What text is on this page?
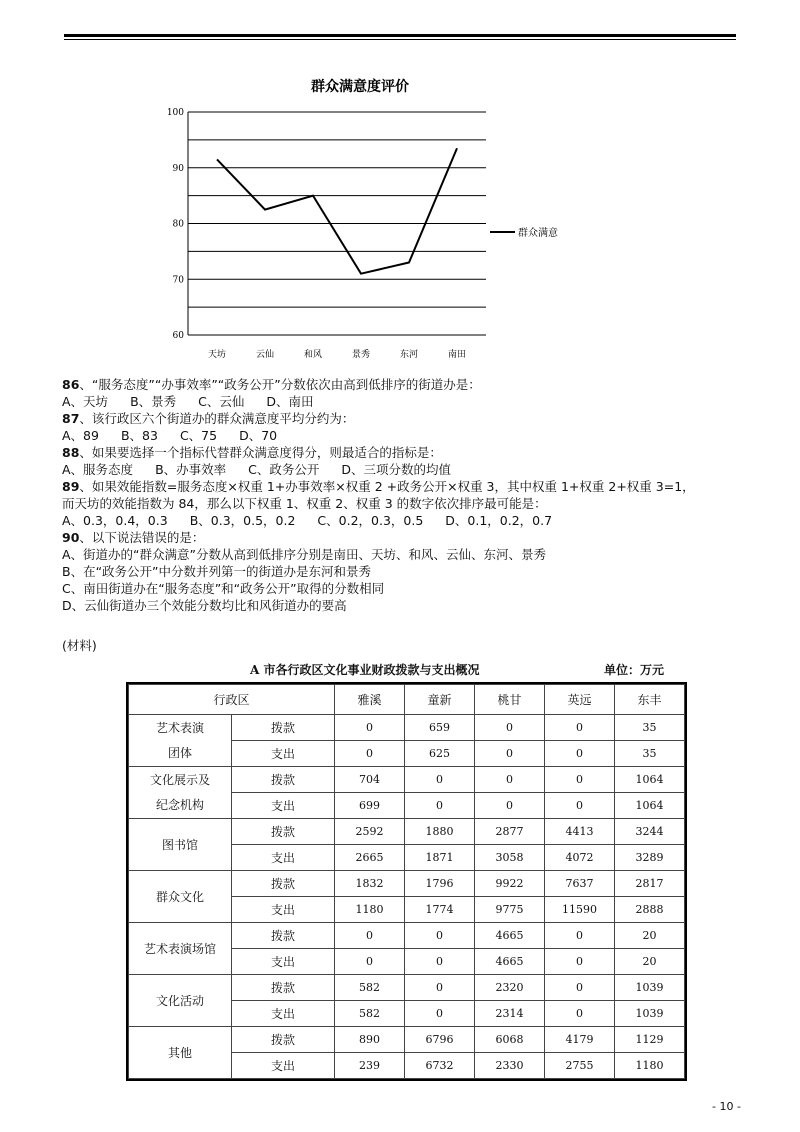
群众满意度评价
60
70
80
90
100
天坊	云仙	和风	景秀	东河	南田
群众满意
86、“服务态度”“办事效率”“政务公开”分数依次由高到低排序的街道办是：
A、天坊 B、景秀 C、云仙 D、南田
87、该行政区六个街道办的群众满意度平均分约为：
A、89 B、83 C、75 D、70
88、如果要选择一个指标代替群众满意度得分，则最适合的指标是：
A、服务态度 B、办事效率 C、政务公开 D、三项分数的均值
89、如果效能指数=服务态度×权重 1+办事效率×权重 2 +政务公开×权重 3，其中权重 1+权重 2+权重 3=1，
而天坊的效能指数为 84，那么以下权重 1、权重 2、权重 3 的数字依次排序最可能是：
A、0.3，0.4，0.3 B、0.3，0.5，0.2 C、0.2，0.3，0.5 D、0.1，0.2，0.7
90、以下说法错误的是：
A、街道办的“群众满意”分数从高到低排序分别是南田、天坊、和风、云仙、东河、景秀
B、在“政务公开”中分数并列第一的街道办是东河和景秀
C、南田街道办在“服务态度”和“政务公开”取得的分数相同
D、云仙街道办三个效能分数均比和风街道办的要高
(材料)
A 市各行政区文化事业财政拨款与支出概况	单位：万元
行政区		雅溪	童新	桃甘	英远	东丰

艺术表演
团体	拨款	0	659	0	0	35
	支出	0	625	0	0	35

文化展示及
纪念机构	拨款	704	0	0	0	1064
	支出	699	0	0	0	1064

图书馆	拨款	2592	1880	2877	4413	3244
	支出	2665	1871	3058	4072	3289

群众文化	拨款	1832	1796	9922	7637	2817
	支出	1180	1774	9775	11590	2888

艺术表演场馆	拨款	0	0	4665	0	20
	支出	0	0	4665	0	20

文化活动	拨款	582	0	2320	0	1039
	支出	582	0	2314	0	1039

其他	拨款	890	6796	6068	4179	1129
	支出	239	6732	2330	2755	1180
- 10 -
